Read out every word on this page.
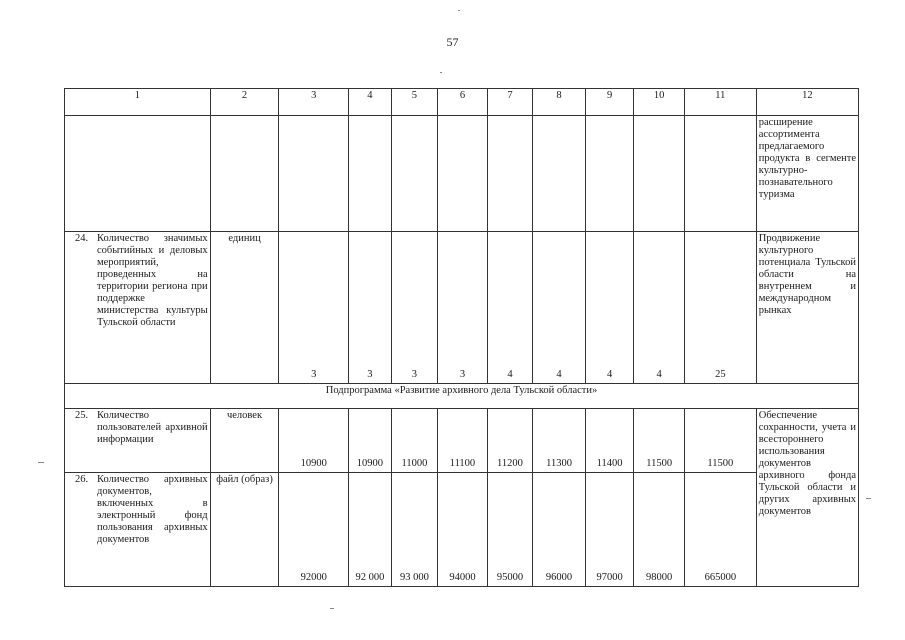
57
1	2	3	4	5	6	7	8	9	10	11	12
											расширение ассортимента предлагаемого продукта в сегменте культурно-познавательного туризма

24. Количество значимых событийных и деловых мероприятий, проведенных на территории региона при поддержке министерства культуры Тульской области	единиц	3	3	3	3	4	4	4	4	25	Продвижение культурного потенциала Тульской области на внутреннем и международном рынках
Подпрограмма «Развитие архивного дела Тульской области»											

25. Количество пользователей архивной информации	человек	10900	10900	11000	11100	11200	11300	11400	11500	11500	Обеспечение сохранности, учета и всестороннего использования документов архивного фонда Тульской области и других архивных документов

26. Количество архивных документов, включенных в электронный фонд пользования архивных документов	файл (образ)	92000	92 000	93 000	94000	95000	96000	97000	98000	665000	
